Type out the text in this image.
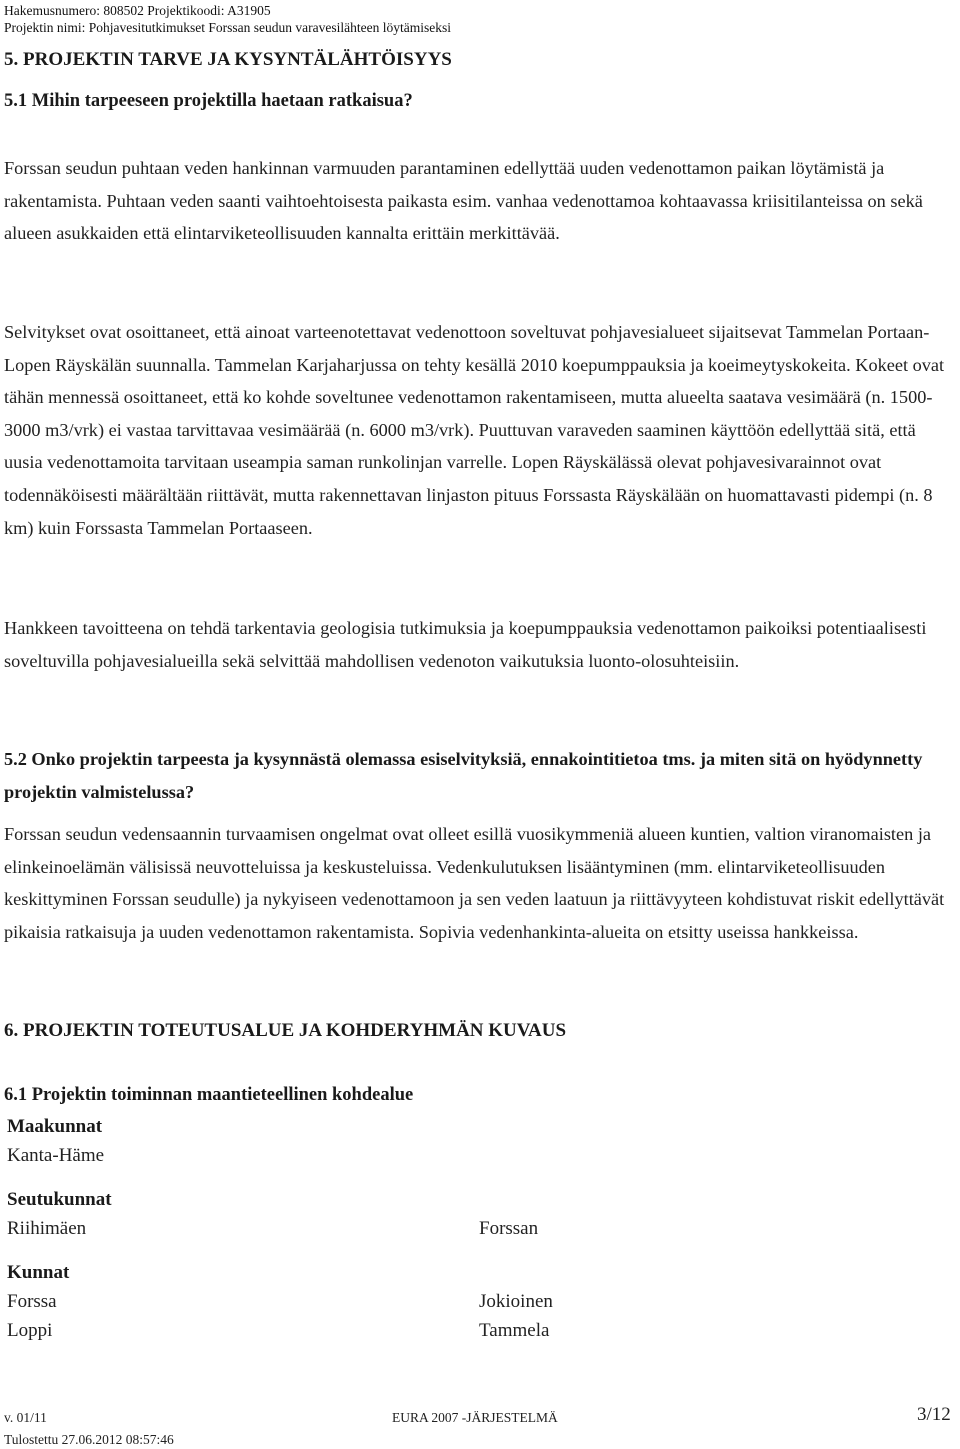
Hakemusnumero: 808502 Projektikoodi: A31905
Projektin nimi: Pohjavesitutkimukset Forssan seudun varavesilähteen löytämiseksi
5. PROJEKTIN TARVE JA KYSYNTÄLÄHTÖISYYS
5.1 Mihin tarpeeseen projektilla haetaan ratkaisua?

Forssan seudun puhtaan veden hankinnan varmuuden parantaminen edellyttää uuden vedenottamon paikan löytämistä ja rakentamista. Puhtaan veden saanti vaihtoehtoisesta paikasta esim. vanhaa vedenottamoa kohtaavassa kriisitilanteissa on sekä alueen asukkaiden että elintarviketeollisuuden kannalta erittäin merkittävää.

Selvitykset ovat osoittaneet, että ainoat varteenotettavat vedenottoon soveltuvat pohjavesialueet sijaitsevat Tammelan Portaan- Lopen Räyskälän suunnalla. Tammelan Karjaharjussa on tehty kesällä 2010 koepumppauksia ja koeimeytyskokeita. Kokeet ovat tähän mennessä osoittaneet, että ko kohde soveltunee vedenottamon rakentamiseen, mutta alueelta saatava vesimäärä (n. 1500-3000 m3/vrk) ei vastaa tarvittavaa vesimäärää (n. 6000 m3/vrk). Puuttuvan varaveden saaminen käyttöön edellyttää sitä, että uusia vedenottamoita tarvitaan useampia saman runkolinjan varrelle. Lopen Räyskälässä olevat pohjavesivarainnot ovat todennäköisesti määrältään riittävät, mutta rakennettavan linjaston pituus Forssasta Räyskälään on huomattavasti pidempi (n. 8 km) kuin Forssasta Tammelan Portaaseen.

Hankkeen tavoitteena on tehdä tarkentavia geologisia tutkimuksia ja koepumppauksia vedenottamon paikoiksi potentiaalisesti soveltuvilla pohjavesialueilla sekä selvittää mahdollisen vedenoton vaikutuksia luonto-olosuhteisiin.

5.2 Onko projektin tarpeesta ja kysynnästä olemassa esiselvityksiä, ennakointitietoa tms. ja miten sitä on hyödynnetty projektin valmistelussa?

Forssan seudun vedensaannin turvaamisen ongelmat ovat olleet esillä vuosikymmeniä alueen kuntien, valtion viranomaisten ja elinkeinoelämän välisissä neuvotteluissa ja keskusteluissa. Vedenkulutuksen lisääntyminen (mm. elintarviketeollisuuden keskittyminen Forssan seudulle) ja nykyiseen vedenottamoon ja sen veden laatuun ja riittävyyteen kohdistuvat riskit edellyttävät pikaisia ratkaisuja ja uuden vedenottamon rakentamista. Sopivia vedenhankinta-alueita on etsitty useissa hankkeissa.

6. PROJEKTIN TOTEUTUSALUE JA KOHDERYHMÄN KUVAUS
6.1 Projektin toiminnan maantieteellinen kohdealue
Maakunnat
Kanta-Häme
Seutukunnat
Riihimäen	Forssan
Kunnat
Forssa	Jokioinen
Loppi	Tammela
v. 01/11	EURA 2007 -JÄRJESTELMÄ	3/12
Tulostettu 27.06.2012 08:57:46
